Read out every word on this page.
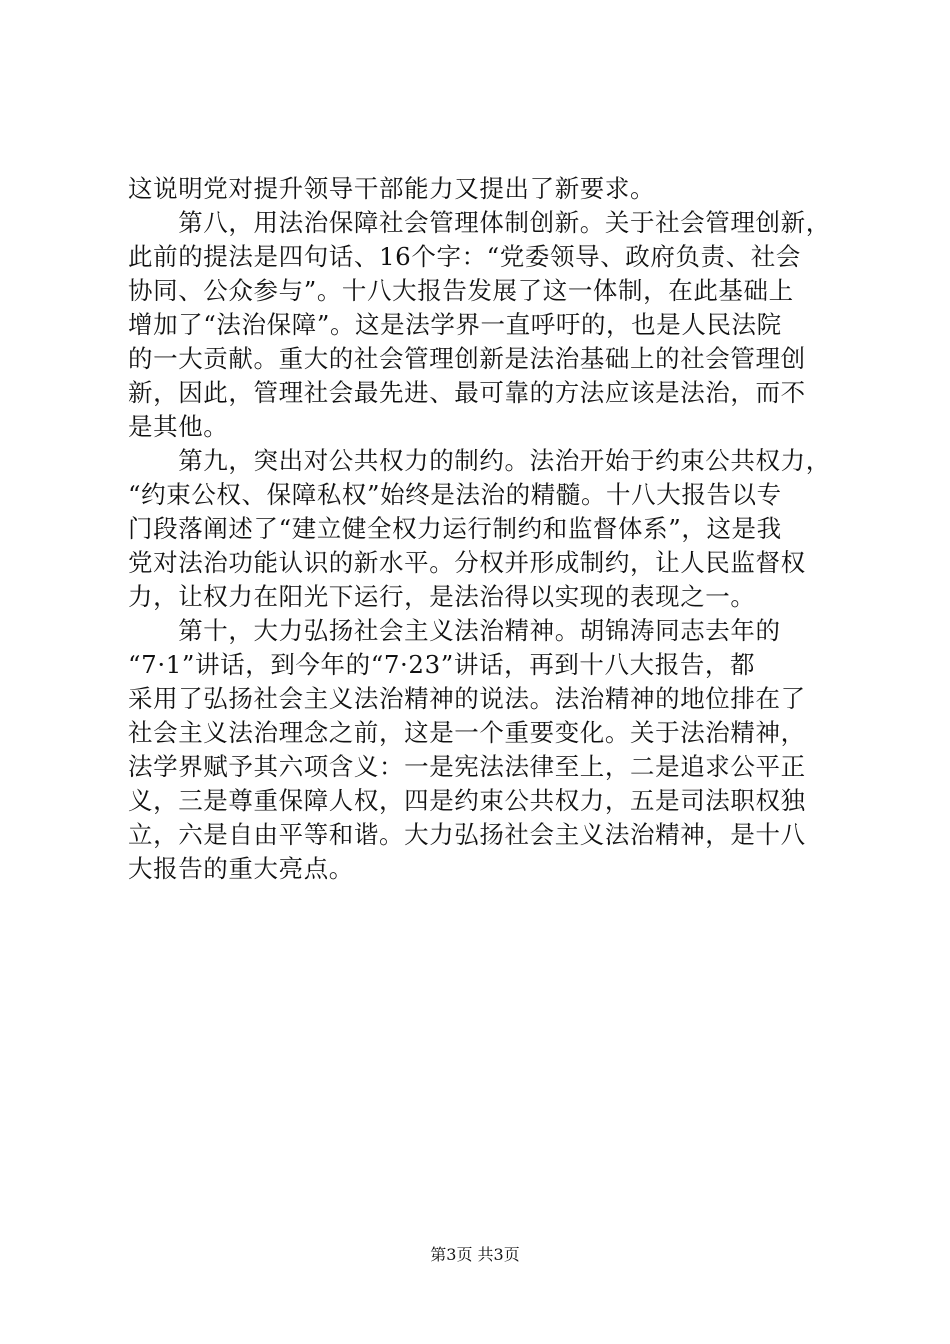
这说明党对提升领导干部能力又提出了新要求。
　　第八，用法治保障社会管理体制创新。关于社会管理创新，
此前的提法是四句话、16个字：“党委领导、政府负责、社会
协同、公众参与”。十八大报告发展了这一体制，在此基础上
增加了“法治保障”。这是法学界一直呼吁的，也是人民法院
的一大贡献。重大的社会管理创新是法治基础上的社会管理创
新，因此，管理社会最先进、最可靠的方法应该是法治，而不
是其他。
　　第九，突出对公共权力的制约。法治开始于约束公共权力，
“约束公权、保障私权”始终是法治的精髓。十八大报告以专
门段落阐述了“建立健全权力运行制约和监督体系”，这是我
党对法治功能认识的新水平。分权并形成制约，让人民监督权
力，让权力在阳光下运行，是法治得以实现的表现之一。
　　第十，大力弘扬社会主义法治精神。胡锦涛同志去年的
“7·1”讲话，到今年的“7·23”讲话，再到十八大报告，都
采用了弘扬社会主义法治精神的说法。法治精神的地位排在了
社会主义法治理念之前，这是一个重要变化。关于法治精神，
法学界赋予其六项含义：一是宪法法律至上，二是追求公平正
义，三是尊重保障人权，四是约束公共权力，五是司法职权独
立，六是自由平等和谐。大力弘扬社会主义法治精神，是十八
大报告的重大亮点。
第3页 共3页
